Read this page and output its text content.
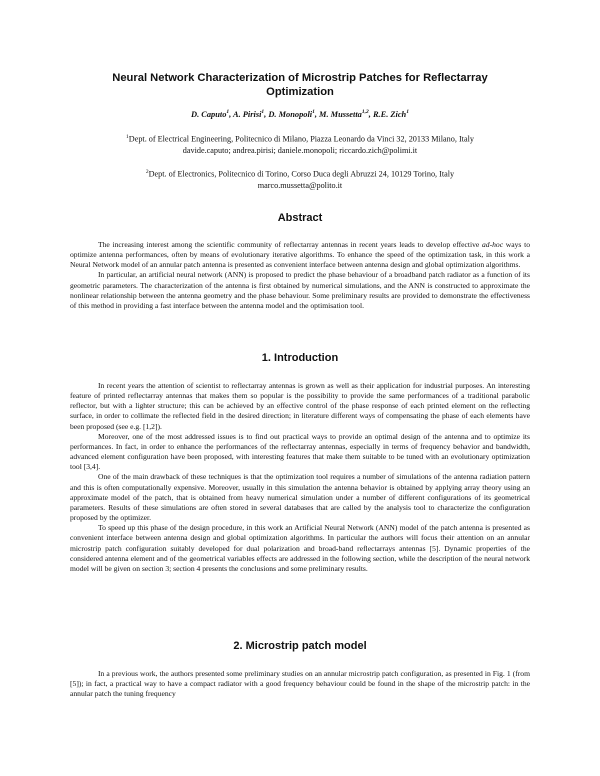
Neural Network Characterization of Microstrip Patches for Reflectarray
Optimization
D. Caputo$^1$, A. Pirisi$^1$, D. Monopoli$^1$, M. Mussetta$^{1,2}$, R.E. Zich$^1$
$^1$Dept. of Electrical Engineering, Politecnico di Milano, Piazza Leonardo da Vinci 32, 20133 Milano, Italy
davide.caputo; andrea.pirisi; daniele.monopoli; riccardo.zich@polimi.it
$^2$Dept. of Electronics, Politecnico di Torino, Corso Duca degli Abruzzi 24, 10129 Torino, Italy
marco.mussetta@polito.it
Abstract

The increasing interest among the scientific community of reflectarray antennas in recent years leads to develop effective ad-hoc ways to optimize antenna performances, often by means of evolutionary iterative algorithms. To enhance the speed of the optimization task, in this work a Neural Network model of an annular patch antenna is presented as convenient interface between antenna design and global optimization algorithms.

In particular, an artificial neural network (ANN) is proposed to predict the phase behaviour of a broadband patch radiator as a function of its geometric parameters. The characterization of the antenna is first obtained by numerical simulations, and the ANN is constructed to approximate the nonlinear relationship between the antenna geometry and the phase behaviour. Some preliminary results are provided to demonstrate the effectiveness of this method in providing a fast interface between the antenna model and the optimisation tool.

1. Introduction

In recent years the attention of scientist to reflectarray antennas is grown as well as their application for industrial purposes. An interesting feature of printed reflectarray antennas that makes them so popular is the possibility to provide the same performances of a traditional parabolic reflector, but with a lighter structure; this can be achieved by an effective control of the phase response of each printed element on the reflecting surface, in order to collimate the reflected field in the desired direction; in literature different ways of compensating the phase of each elements have been proposed (see e.g. [1,2]).

Moreover, one of the most addressed issues is to find out practical ways to provide an optimal design of the antenna and to optimize its performances. In fact, in order to enhance the performances of the reflectarray antennas, especially in terms of frequency behavior and bandwidth, advanced element configuration have been proposed, with interesting features that make them suitable to be tuned with an evolutionary optimization tool [3,4].

One of the main drawback of these techniques is that the optimization tool requires a number of simulations of the antenna radiation pattern and this is often computationally expensive. Moreover, usually in this simulation the antenna behavior is obtained by applying array theory using an approximate model of the patch, that is obtained from heavy numerical simulation under a number of different configurations of its geometrical parameters. Results of these simulations are often stored in several databases that are called by the analysis tool to characterize the configuration proposed by the optimizer.

To speed up this phase of the design procedure, in this work an Artificial Neural Network (ANN) model of the patch antenna is presented as convenient interface between antenna design and global optimization algorithms. In particular the authors will focus their attention on an annular microstrip patch configuration suitably developed for dual polarization and broad-band reflectarrays antennas [5]. Dynamic properties of the considered antenna element and of the geometrical variables effects are addressed in the following section, while the description of the neural network model will be given on section 3; section 4 presents the conclusions and some preliminary results.

2. Microstrip patch model

In a previous work, the authors presented some preliminary studies on an annular microstrip patch configuration, as presented in Fig. 1 (from [5]); in fact, a practical way to have a compact radiator with a good frequency behaviour could be found in the shape of the microstrip patch: in the annular patch the tuning frequency
